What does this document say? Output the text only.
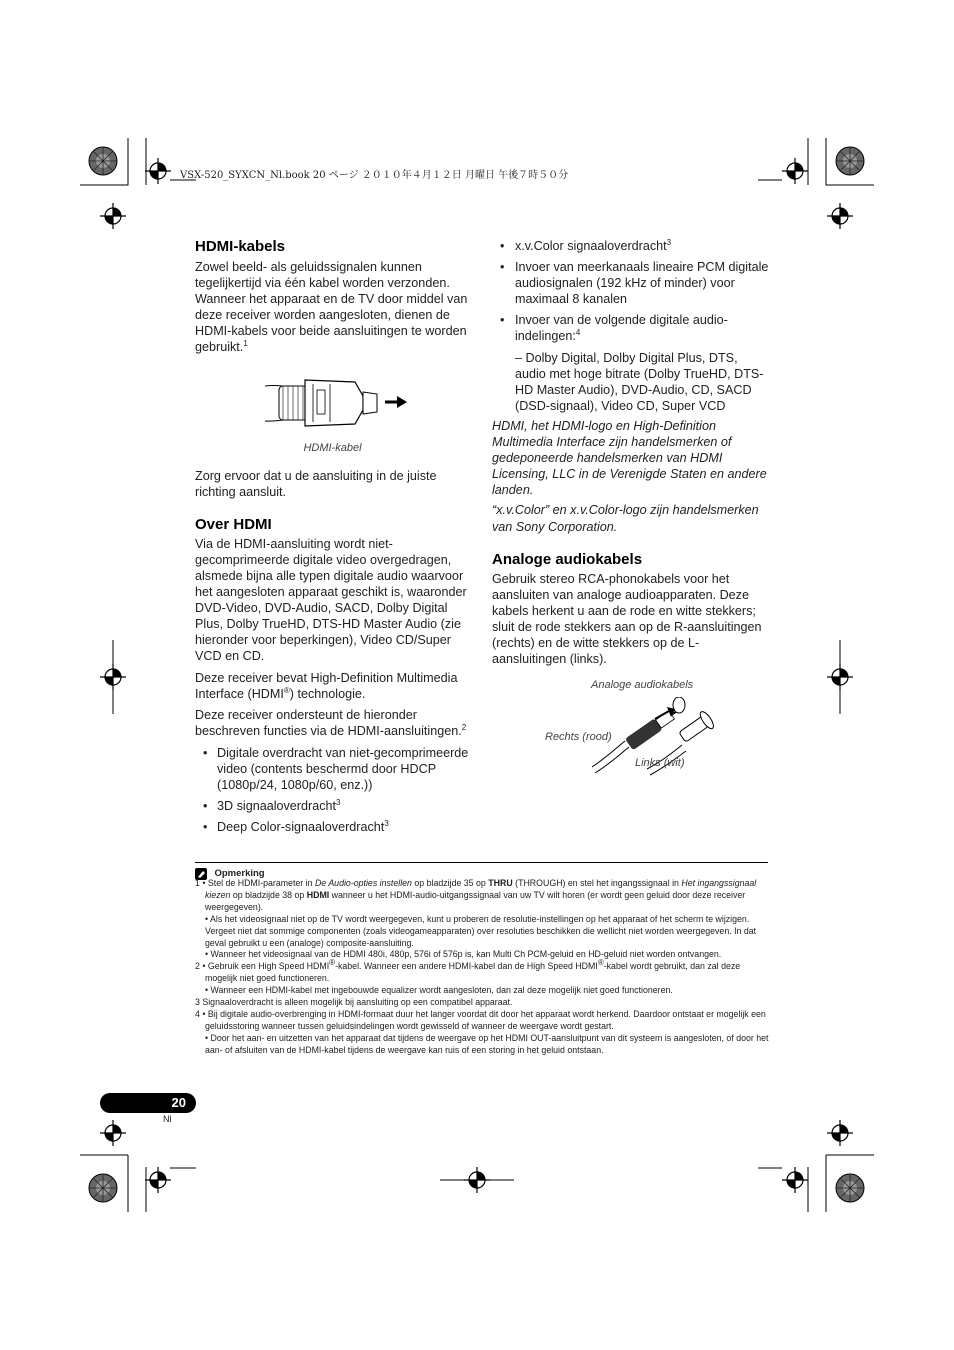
VSX-520_SYXCN_Nl.book 20 ページ ２０１０年４月１２日 月曜日 午後７時５０分
HDMI-kabels

Zowel beeld- als geluidssignalen kunnen tegelijkertijd via één kabel worden verzonden. Wanneer het apparaat en de TV door middel van deze receiver worden aangesloten, dienen de HDMI-kabels voor beide aansluitingen te worden gebruikt.$^1$

HDMI-kabel

Zorg ervoor dat u de aansluiting in de juiste richting aansluit.

Over HDMI

Via de HDMI-aansluiting wordt niet-gecomprimeerde digitale video overgedragen, alsmede bijna alle typen digitale audio waarvoor het aangesloten apparaat geschikt is, waaronder DVD-Video, DVD-Audio, SACD, Dolby Digital Plus, Dolby TrueHD, DTS-HD Master Audio (zie hieronder voor beperkingen), Video CD/Super VCD en CD.

Deze receiver bevat High-Definition Multimedia Interface (HDMI®) technologie.

Deze receiver ondersteunt de hieronder beschreven functies via de HDMI-aansluitingen.$^2$

• Digitale overdracht van niet-gecomprimeerde video (contents beschermd door HDCP (1080p/24, 1080p/60, enz.))
• 3D signaaloverdracht$^3$
• Deep Color-signaaloverdracht$^3$
• x.v.Color signaaloverdracht$^3$
• Invoer van meerkanaals lineaire PCM digitale audiosignalen (192 kHz of minder) voor maximaal 8 kanalen
• Invoer van de volgende digitale audio-indelingen:$^4$

– Dolby Digital, Dolby Digital Plus, DTS, audio met hoge bitrate (Dolby TrueHD, DTS-HD Master Audio), DVD-Audio, CD, SACD (DSD-signaal), Video CD, Super VCD

HDMI, het HDMI-logo en High-Definition Multimedia Interface zijn handelsmerken of gedeponeerde handelsmerken van HDMI Licensing, LLC in de Verenigde Staten en andere landen.

“x.v.Color” en x.v.Color-logo zijn handelsmerken van Sony Corporation.

Analoge audiokabels

Gebruik stereo RCA-phonokabels voor het aansluiten van analoge audioapparaten. Deze kabels herkent u aan de rode en witte stekkers; sluit de rode stekkers aan op de R-aansluitingen (rechts) en de witte stekkers op de L-aansluitingen (links).

Analoge audiokabels
Rechts (rood)
Links (wit)
Opmerking
1 • Stel de HDMI-parameter in De Audio-opties instellen op bladzijde 35 op THRU (THROUGH) en stel het ingangssignaal in Het ingangssignaal kiezen op bladzijde 38 op HDMI wanneer u het HDMI-audio-uitgangssignaal van uw TV wilt horen (er wordt geen geluid door deze receiver weergegeven).
• Als het videosignaal niet op de TV wordt weergegeven, kunt u proberen de resolutie-instellingen op het apparaat of het scherm te wijzigen. Vergeet niet dat sommige componenten (zoals videogameapparaten) over resoluties beschikken die wellicht niet worden weergegeven. In dat geval gebruikt u een (analoge) composite-aansluiting.
• Wanneer het videosignaal van de HDMI 480i, 480p, 576i of 576p is, kan Multi Ch PCM-geluid en HD-geluid niet worden ontvangen.
2 • Gebruik een High Speed HDMI®-kabel. Wanneer een andere HDMI-kabel dan de High Speed HDMI®-kabel wordt gebruikt, dan zal deze mogelijk niet goed functioneren.
• Wanneer een HDMI-kabel met ingebouwde equalizer wordt aangesloten, dan zal deze mogelijk niet goed functioneren.
3 Signaaloverdracht is alleen mogelijk bij aansluiting op een compatibel apparaat.
4 • Bij digitale audio-overbrenging in HDMI-formaat duur het langer voordat dit door het apparaat wordt herkend. Daardoor ontstaat er mogelijk een geluidsstoring wanneer tussen geluidsindelingen wordt gewisseld of wanneer de weergave wordt gestart.
• Door het aan- en uitzetten van het apparaat dat tijdens de weergave op het HDMI OUT-aansluitpunt van dit systeem is aangesloten, of door het aan- of afsluiten van de HDMI-kabel tijdens de weergave kan ruis of een storing in het geluid ontstaan.
20
Nl
